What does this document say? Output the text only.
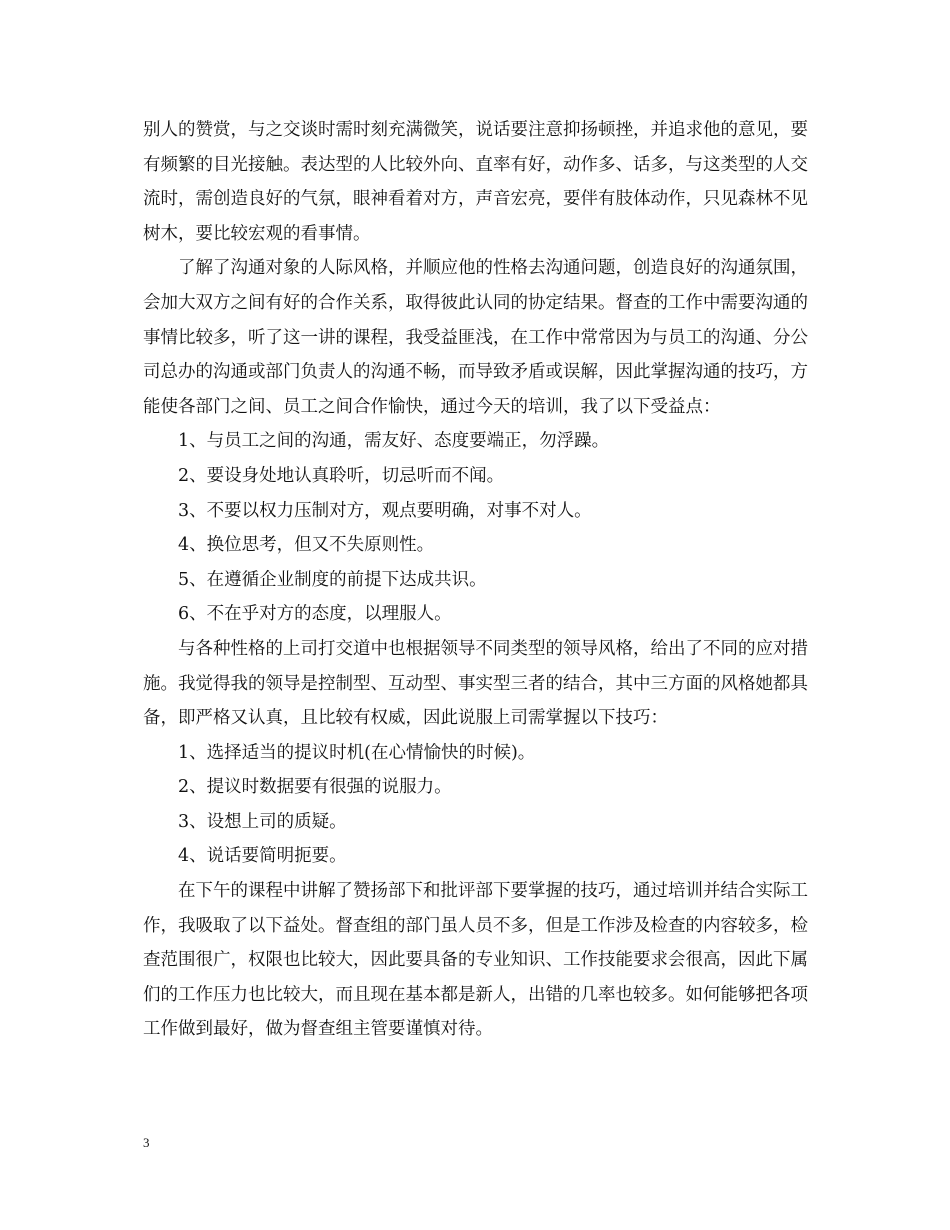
别人的赞赏，与之交谈时需时刻充满微笑，说话要注意抑扬顿挫，并追求他的意见，要有频繁的目光接触。表达型的人比较外向、直率有好，动作多、话多，与这类型的人交流时，需创造良好的气氛，眼神看着对方，声音宏亮，要伴有肢体动作，只见森林不见树木，要比较宏观的看事情。

了解了沟通对象的人际风格，并顺应他的性格去沟通问题，创造良好的沟通氛围，会加大双方之间有好的合作关系，取得彼此认同的协定结果。督查的工作中需要沟通的事情比较多，听了这一讲的课程，我受益匪浅，在工作中常常因为与员工的沟通、分公司总办的沟通或部门负责人的沟通不畅，而导致矛盾或误解，因此掌握沟通的技巧，方能使各部门之间、员工之间合作愉快，通过今天的培训，我了以下受益点：

1、与员工之间的沟通，需友好、态度要端正，勿浮躁。

2、要设身处地认真聆听，切忌听而不闻。

3、不要以权力压制对方，观点要明确，对事不对人。

4、换位思考，但又不失原则性。

5、在遵循企业制度的前提下达成共识。

6、不在乎对方的态度，以理服人。

与各种性格的上司打交道中也根据领导不同类型的领导风格，给出了不同的应对措施。我觉得我的领导是控制型、互动型、事实型三者的结合，其中三方面的风格她都具备，即严格又认真，且比较有权威，因此说服上司需掌握以下技巧：

1、选择适当的提议时机(在心情愉快的时候)。

2、提议时数据要有很强的说服力。

3、设想上司的质疑。

4、说话要简明扼要。

在下午的课程中讲解了赞扬部下和批评部下要掌握的技巧，通过培训并结合实际工作，我吸取了以下益处。督查组的部门虽人员不多，但是工作涉及检查的内容较多，检查范围很广，权限也比较大，因此要具备的专业知识、工作技能要求会很高，因此下属们的工作压力也比较大，而且现在基本都是新人，出错的几率也较多。如何能够把各项工作做到最好，做为督查组主管要谨慎对待。

3
